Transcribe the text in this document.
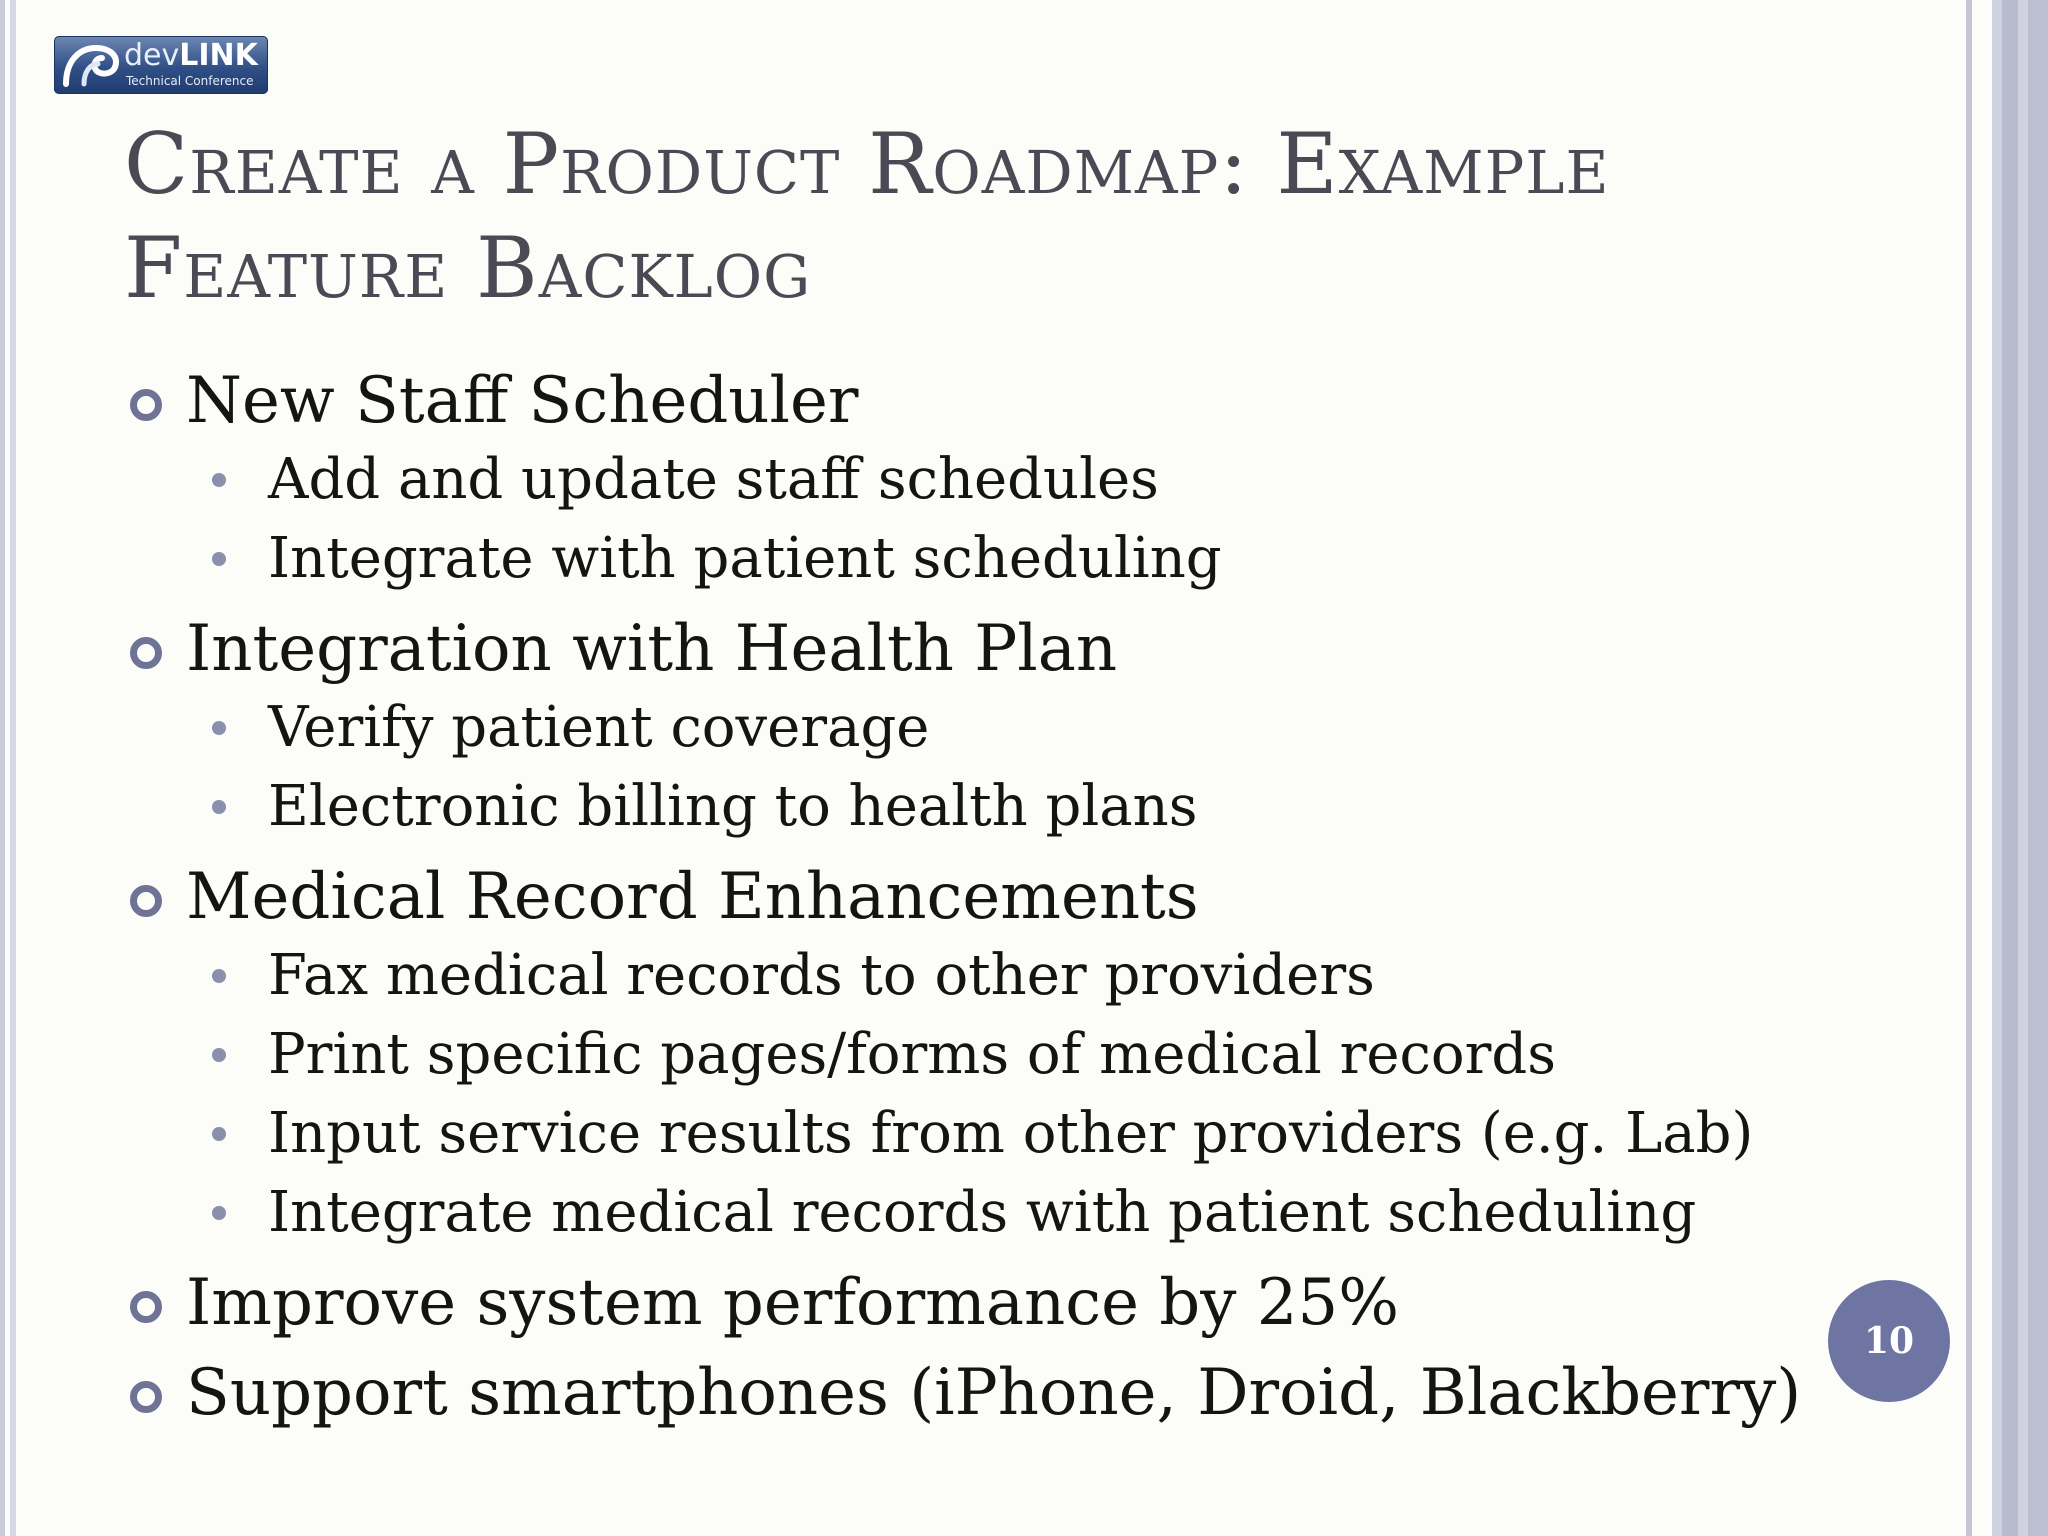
devLINK
Technical Conference
Create a Product Roadmap: Example
Feature Backlog
New Staff Scheduler
Add and update staff schedules
Integrate with patient scheduling
Integration with Health Plan
Verify patient coverage
Electronic billing to health plans
Medical Record Enhancements
Fax medical records to other providers
Print specific pages/forms of medical records
Input service results from other providers (e.g. Lab)
Integrate medical records with patient scheduling
Improve system performance by 25%
Support smartphones (iPhone, Droid, Blackberry)
10
